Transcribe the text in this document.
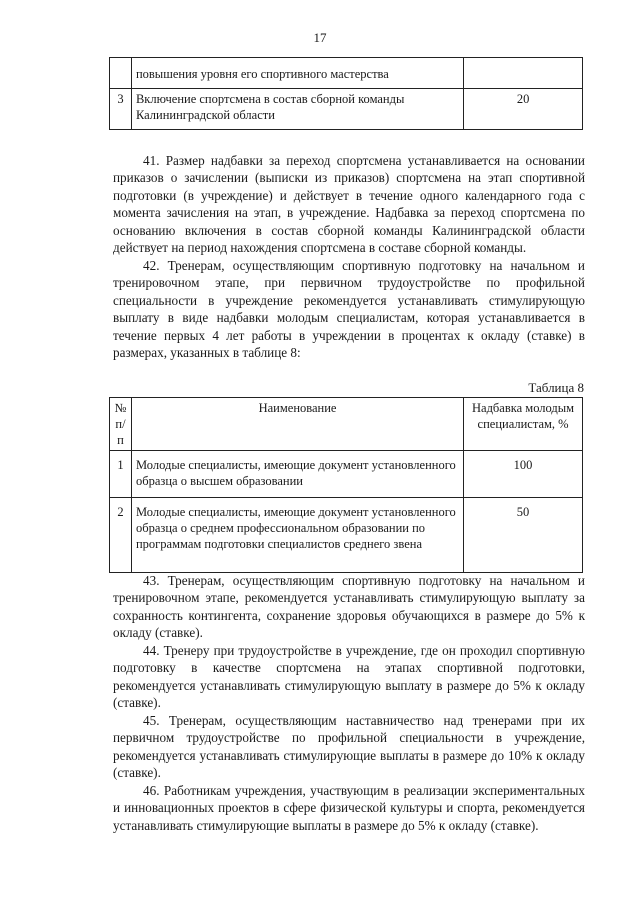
17
	повышения уровня его спортивного мастерства	
3	Включение спортсмена в состав сборной команды Калининградской области	20

41. Размер надбавки за переход спортсмена устанавливается на основании приказов о зачислении (выписки из приказов) спортсмена на этап спортивной подготовки (в учреждение) и действует в течение одного календарного года с момента зачисления на этап, в учреждение. Надбавка за переход спортсмена по основанию включения в состав сборной команды Калининградской области действует на период нахождения спортсмена в составе сборной команды.

42. Тренерам, осуществляющим спортивную подготовку на начальном и тренировочном этапе, при первичном трудоустройстве по профильной специальности в учреждение рекомендуется устанавливать стимулирующую выплату в виде надбавки молодым специалистам, которая устанавливается в течение первых 4 лет работы в учреждении в процентах к окладу (ставке) в размерах, указанных в таблице 8:

Таблица 8
№ п/п	Наименование	Надбавка молодым специалистам, %
1	Молодые специалисты, имеющие документ установленного образца о высшем образовании	100
2	Молодые специалисты, имеющие документ установленного образца о среднем профессиональном образовании по программам подготовки специалистов среднего звена	50

43. Тренерам, осуществляющим спортивную подготовку на начальном и тренировочном этапе, рекомендуется устанавливать стимулирующую выплату за сохранность контингента, сохранение здоровья обучающихся в размере до 5% к окладу (ставке).

44. Тренеру при трудоустройстве в учреждение, где он проходил спортивную подготовку в качестве спортсмена на этапах спортивной подготовки, рекомендуется устанавливать стимулирующую выплату в размере до 5% к окладу (ставке).

45. Тренерам, осуществляющим наставничество над тренерами при их первичном трудоустройстве по профильной специальности в учреждение, рекомендуется устанавливать стимулирующие выплаты в размере до 10% к окладу (ставке).

46. Работникам учреждения, участвующим в реализации экспериментальных и инновационных проектов в сфере физической культуры и спорта, рекомендуется устанавливать стимулирующие выплаты в размере до 5% к окладу (ставке).
